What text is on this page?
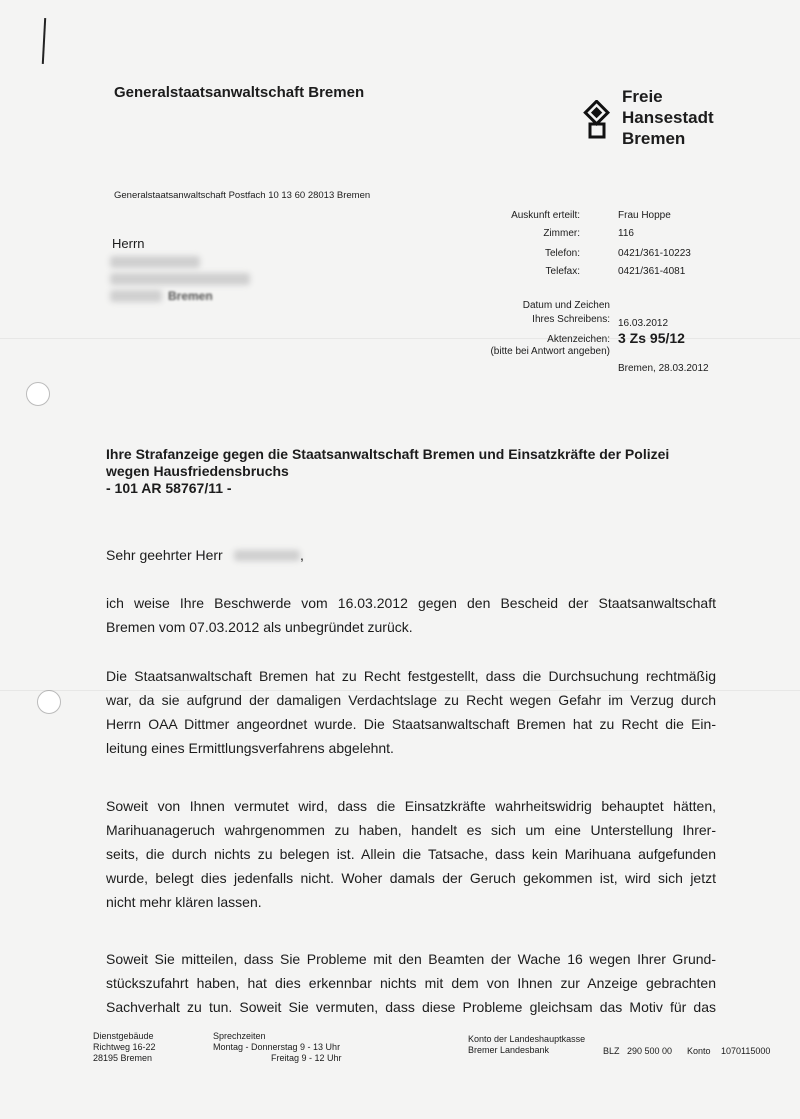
Generalstaatsanwaltschaft Bremen	Freie
Hansestadt
Bremen
Generalstaatsanwaltschaft Postfach 10 13 60 28013 Bremen
Auskunft erteilt:	Frau Hoppe
Zimmer:	116
Telefon:	0421/361-10223
Telefax:	0421/361-4081
Herrn
Bremen
Datum und Zeichen
Ihres Schreibens: 16.03.2012
Aktenzeichen: 3 Zs 95/12
(bitte bei Antwort angeben)
Bremen, 28.03.2012
Ihre Strafanzeige gegen die Staatsanwaltschaft Bremen und Einsatzkräfte der Polizei
wegen Hausfriedensbruchs
- 101 AR 58767/11 -
Sehr geehrter Herr	,
ich weise Ihre Beschwerde vom 16.03.2012 gegen den Bescheid der Staatsanwaltschaft
Bremen vom 07.03.2012 als unbegründet zurück.
Die Staatsanwaltschaft Bremen hat zu Recht festgestellt, dass die Durchsuchung rechtmäßig
war, da sie aufgrund der damaligen Verdachtslage zu Recht wegen Gefahr im Verzug durch
Herrn OAA Dittmer angeordnet wurde. Die Staatsanwaltschaft Bremen hat zu Recht die Ein-
leitung eines Ermittlungsverfahrens abgelehnt.
Soweit von Ihnen vermutet wird, dass die Einsatzkräfte wahrheitswidrig behauptet hätten,
Marihuanageruch wahrgenommen zu haben, handelt es sich um eine Unterstellung Ihrer-
seits, die durch nichts zu belegen ist. Allein die Tatsache, dass kein Marihuana aufgefunden
wurde, belegt dies jedenfalls nicht. Woher damals der Geruch gekommen ist, wird sich jetzt
nicht mehr klären lassen.
Soweit Sie mitteilen, dass Sie Probleme mit den Beamten der Wache 16 wegen Ihrer Grund-
stückszufahrt haben, hat dies erkennbar nichts mit dem von Ihnen zur Anzeige gebrachten
Sachverhalt zu tun. Soweit Sie vermuten, dass diese Probleme gleichsam das Motiv für das
Dienstgebäude
Richtweg 16-22
28195 Bremen
Sprechzeiten
Montag - Donnerstag 9 - 13 Uhr
Freitag 9 - 12 Uhr
Konto der Landeshauptkasse
Bremer Landesbank	BLZ 290 500 00 Konto 1070115000
